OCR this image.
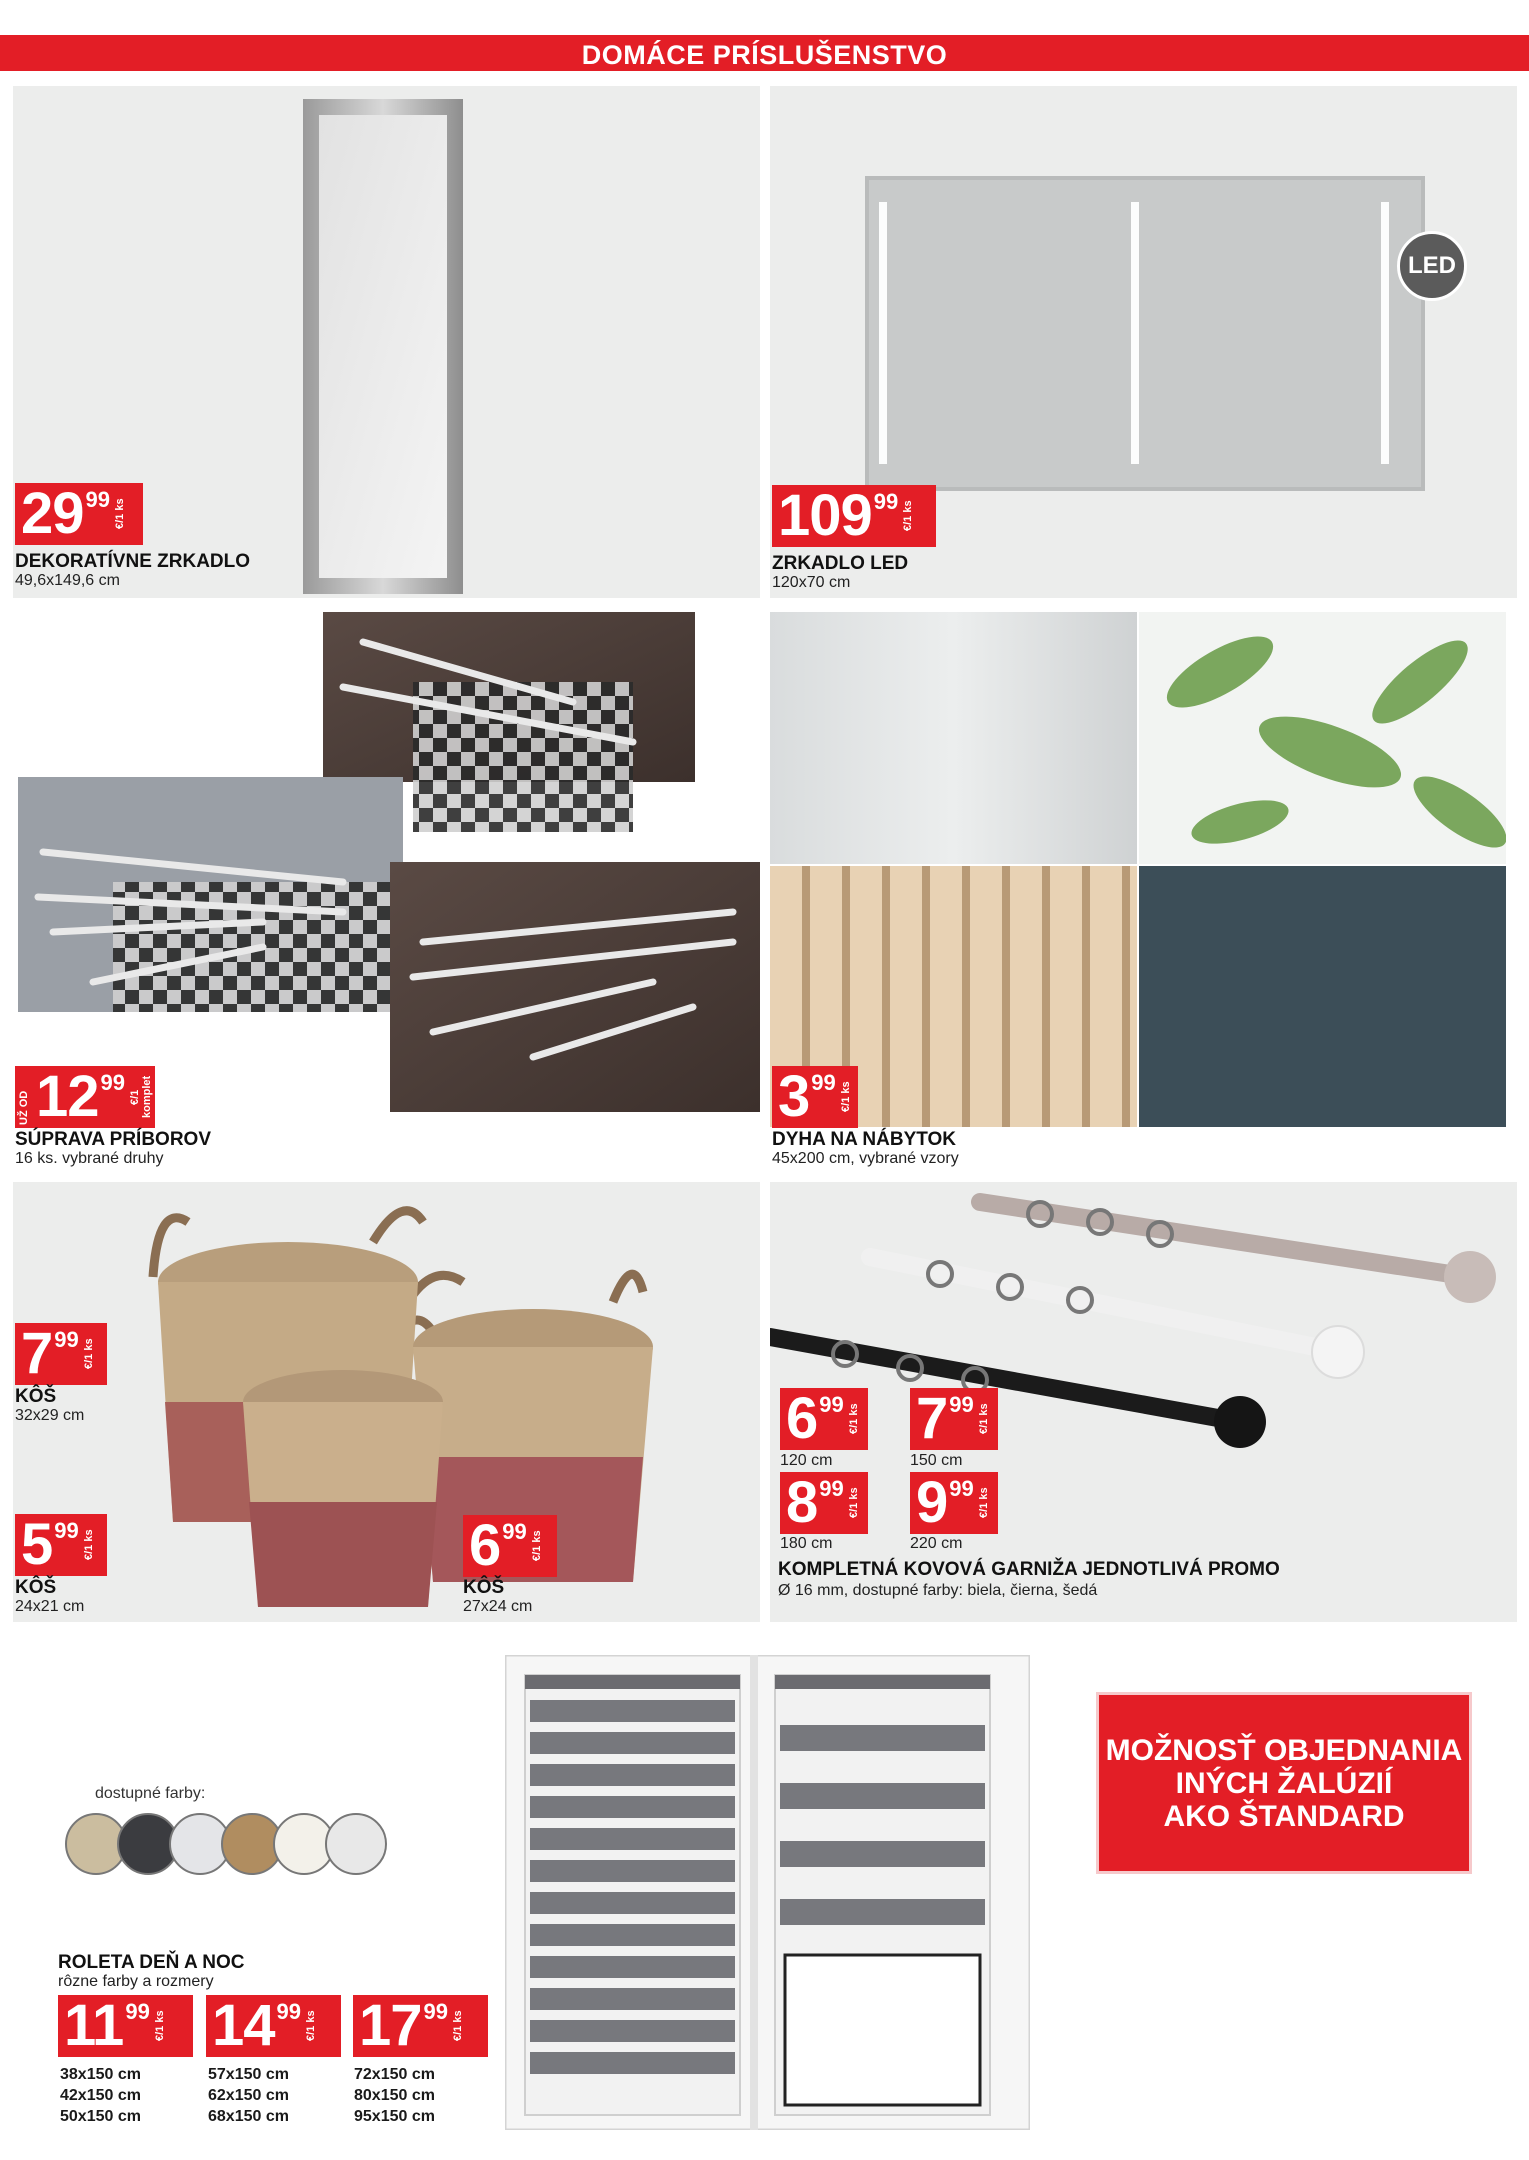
DOMÁCE PRÍSLUŠENSTVO
29 99 €/1 ks
DEKORATÍVNE ZRKADLO
49,6x149,6 cm
LED
109 99 €/1 ks
ZRKADLO LED
120x70 cm
UŽ OD 12 99
€/1 komplet
SÚPRAVA PRÍBOROV
16 ks. vybrané druhy
3 99 €/1 ks
DYHA NA NÁBYTOK
45x200 cm, vybrané vzory
7 99 €/1 ks
KÔŠ
32x29 cm
5 99 €/1 ks
KÔŠ
24x21 cm
6 99 €/1 ks
KÔŠ
27x24 cm
6 99 €/1 ks
120 cm
7 99 €/1 ks
150 cm
8 99 €/1 ks
180 cm
9 99 €/1 ks
220 cm
KOMPLETNÁ KOVOVÁ GARNIŽA JEDNOTLIVÁ PROMO
Ø 16 mm, dostupné farby: biela, čierna, šedá
dostupné farby:
ROLETA DEŇ A NOC
rôzne farby a rozmery
11 99 €/1 ks
38x150 cm
42x150 cm
50x150 cm
14 99 €/1 ks
57x150 cm
62x150 cm
68x150 cm
17 99 €/1 ks
72x150 cm
80x150 cm
95x150 cm
MOŽNOSŤ OBJEDNANIA
INÝCH ŽALÚZIÍ
AKO ŠTANDARD
